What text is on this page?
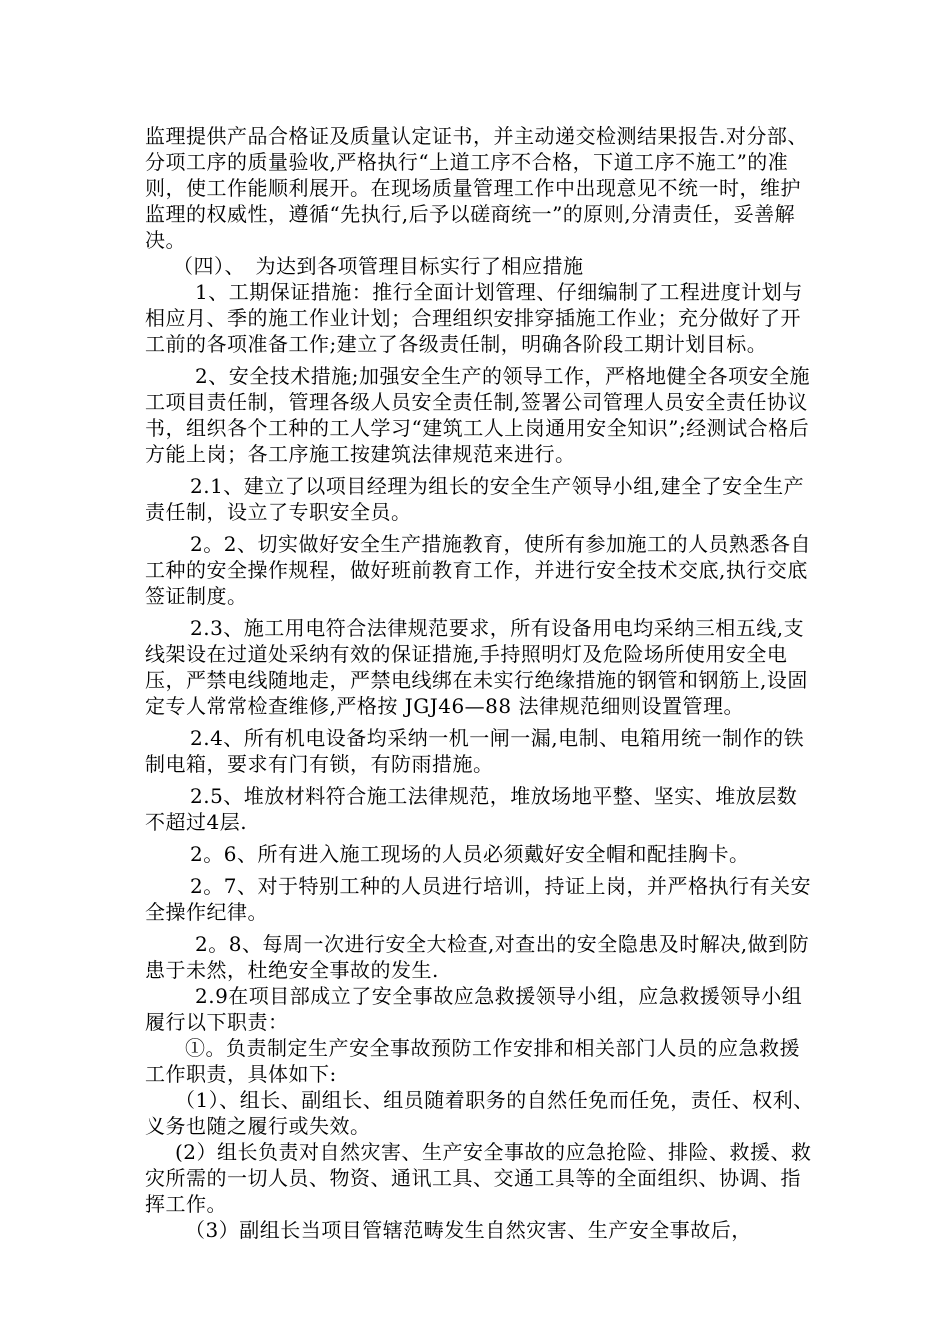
监理提供产品合格证及质量认定证书，并主动递交检测结果报告.对分部、分项工序的质量验收,严格执行“上道工序不合格，下道工序不施工”的准则，使工作能顺利展开。在现场质量管理工作中出现意见不统一时，维护监理的权威性，遵循“先执行,后予以磋商统一”的原则,分清责任，妥善解决。

（四）、　为达到各项管理目标实行了相应措施

1、工期保证措施：推行全面计划管理、仔细编制了工程进度计划与相应月、季的施工作业计划；合理组织安排穿插施工作业；充分做好了开工前的各项准备工作;建立了各级责任制，明确各阶段工期计划目标。

2、安全技术措施;加强安全生产的领导工作，严格地健全各项安全施工项目责任制，管理各级人员安全责任制,签署公司管理人员安全责任协议书，组织各个工种的工人学习“建筑工人上岗通用安全知识”;经测试合格后方能上岗；各工序施工按建筑法律规范来进行。

2.1、建立了以项目经理为组长的安全生产领导小组,建全了安全生产责任制，设立了专职安全员。

2。2、切实做好安全生产措施教育，使所有参加施工的人员熟悉各自工种的安全操作规程，做好班前教育工作，并进行安全技术交底,执行交底签证制度。

2.3、施工用电符合法律规范要求，所有设备用电均采纳三相五线,支线架设在过道处采纳有效的保证措施,手持照明灯及危险场所使用安全电压，严禁电线随地走，严禁电线绑在未实行绝缘措施的钢管和钢筋上,设固定专人常常检查维修,严格按 JGJ46—88 法律规范细则设置管理。

2.4、所有机电设备均采纳一机一闸一漏,电制、电箱用统一制作的铁制电箱，要求有门有锁，有防雨措施。

2.5、堆放材料符合施工法律规范，堆放场地平整、坚实、堆放层数不超过4层.

2。6、所有进入施工现场的人员必须戴好安全帽和配挂胸卡。

2。7、对于特别工种的人员进行培训，持证上岗，并严格执行有关安全操作纪律。

2。8、每周一次进行安全大检查,对查出的安全隐患及时解决,做到防患于未然，杜绝安全事故的发生.

2.9在项目部成立了安全事故应急救援领导小组，应急救援领导小组履行以下职责：

①。负责制定生产安全事故预防工作安排和相关部门人员的应急救援工作职责，具体如下:

（1）、组长、副组长、组员随着职务的自然任免而任免，责任、权利、义务也随之履行或失效。

(2）组长负责对自然灾害、生产安全事故的应急抢险、排险、救援、救灾所需的一切人员、物资、通讯工具、交通工具等的全面组织、协调、指挥工作。

（3）副组长当项目管辖范畴发生自然灾害、生产安全事故后，
